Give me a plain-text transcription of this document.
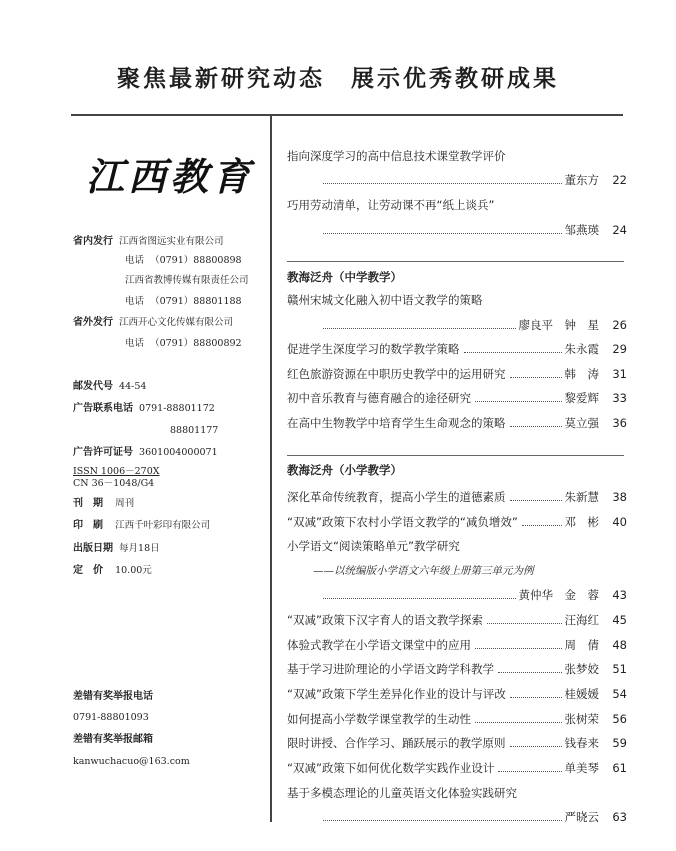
聚焦最新研究动态　展示优秀教研成果
江西教育
省内发行 江西省图远实业有限公司
电话 （0791）88800898
江西省教博传媒有限责任公司
电话 （0791）88801188
省外发行 江西开心文化传媒有限公司
电话 （0791）88800892
邮发代号 44-54
广告联系电话 0791-88801172
88801177
广告许可证号 3601004000071
ISSN 1006－270X
CN 36－1048/G4
刊　期 周刊
印　刷 江西千叶彩印有限公司
出版日期 每月18日
定　价 10.00元
差错有奖举报电话
0791-88801093
差错有奖举报邮箱
kanwuchacuo@163.com
指向深度学习的高中信息技术课堂教学评价
董东方	22
巧用劳动清单，让劳动课不再“纸上谈兵”
邹燕瑛	24
教海泛舟（中学教学）
赣州宋城文化融入初中语文教学的策略
廖良平　钟　星	26
促进学生深度学习的数学教学策略	朱永霞	29
红色旅游资源在中职历史教学中的运用研究	韩　涛	31
初中音乐教育与德育融合的途径研究	黎爱辉	33
在高中生物教学中培育学生生命观念的策略	莫立强	36
教海泛舟（小学教学）
深化革命传统教育，提高小学生的道德素质	朱新慧	38
“双减”政策下农村小学语文教学的“减负增效”	邓　彬	40
小学语文“阅读策略单元”教学研究
——以统编版小学语文六年级上册第三单元为例
黄仲华　金　蓉	43
“双减”政策下汉字育人的语文教学探索	汪海红	45
体验式教学在小学语文课堂中的应用	周　倩	48
基于学习进阶理论的小学语文跨学科教学	张梦姣	51
“双减”政策下学生差异化作业的设计与评改	桂媛媛	54
如何提高小学数学课堂教学的生动性	张树荣	56
限时讲授、合作学习、踊跃展示的教学原则	钱春来	59
“双减”政策下如何优化数学实践作业设计	单美琴	61
基于多模态理论的儿童英语文化体验实践研究
严晓云	63
